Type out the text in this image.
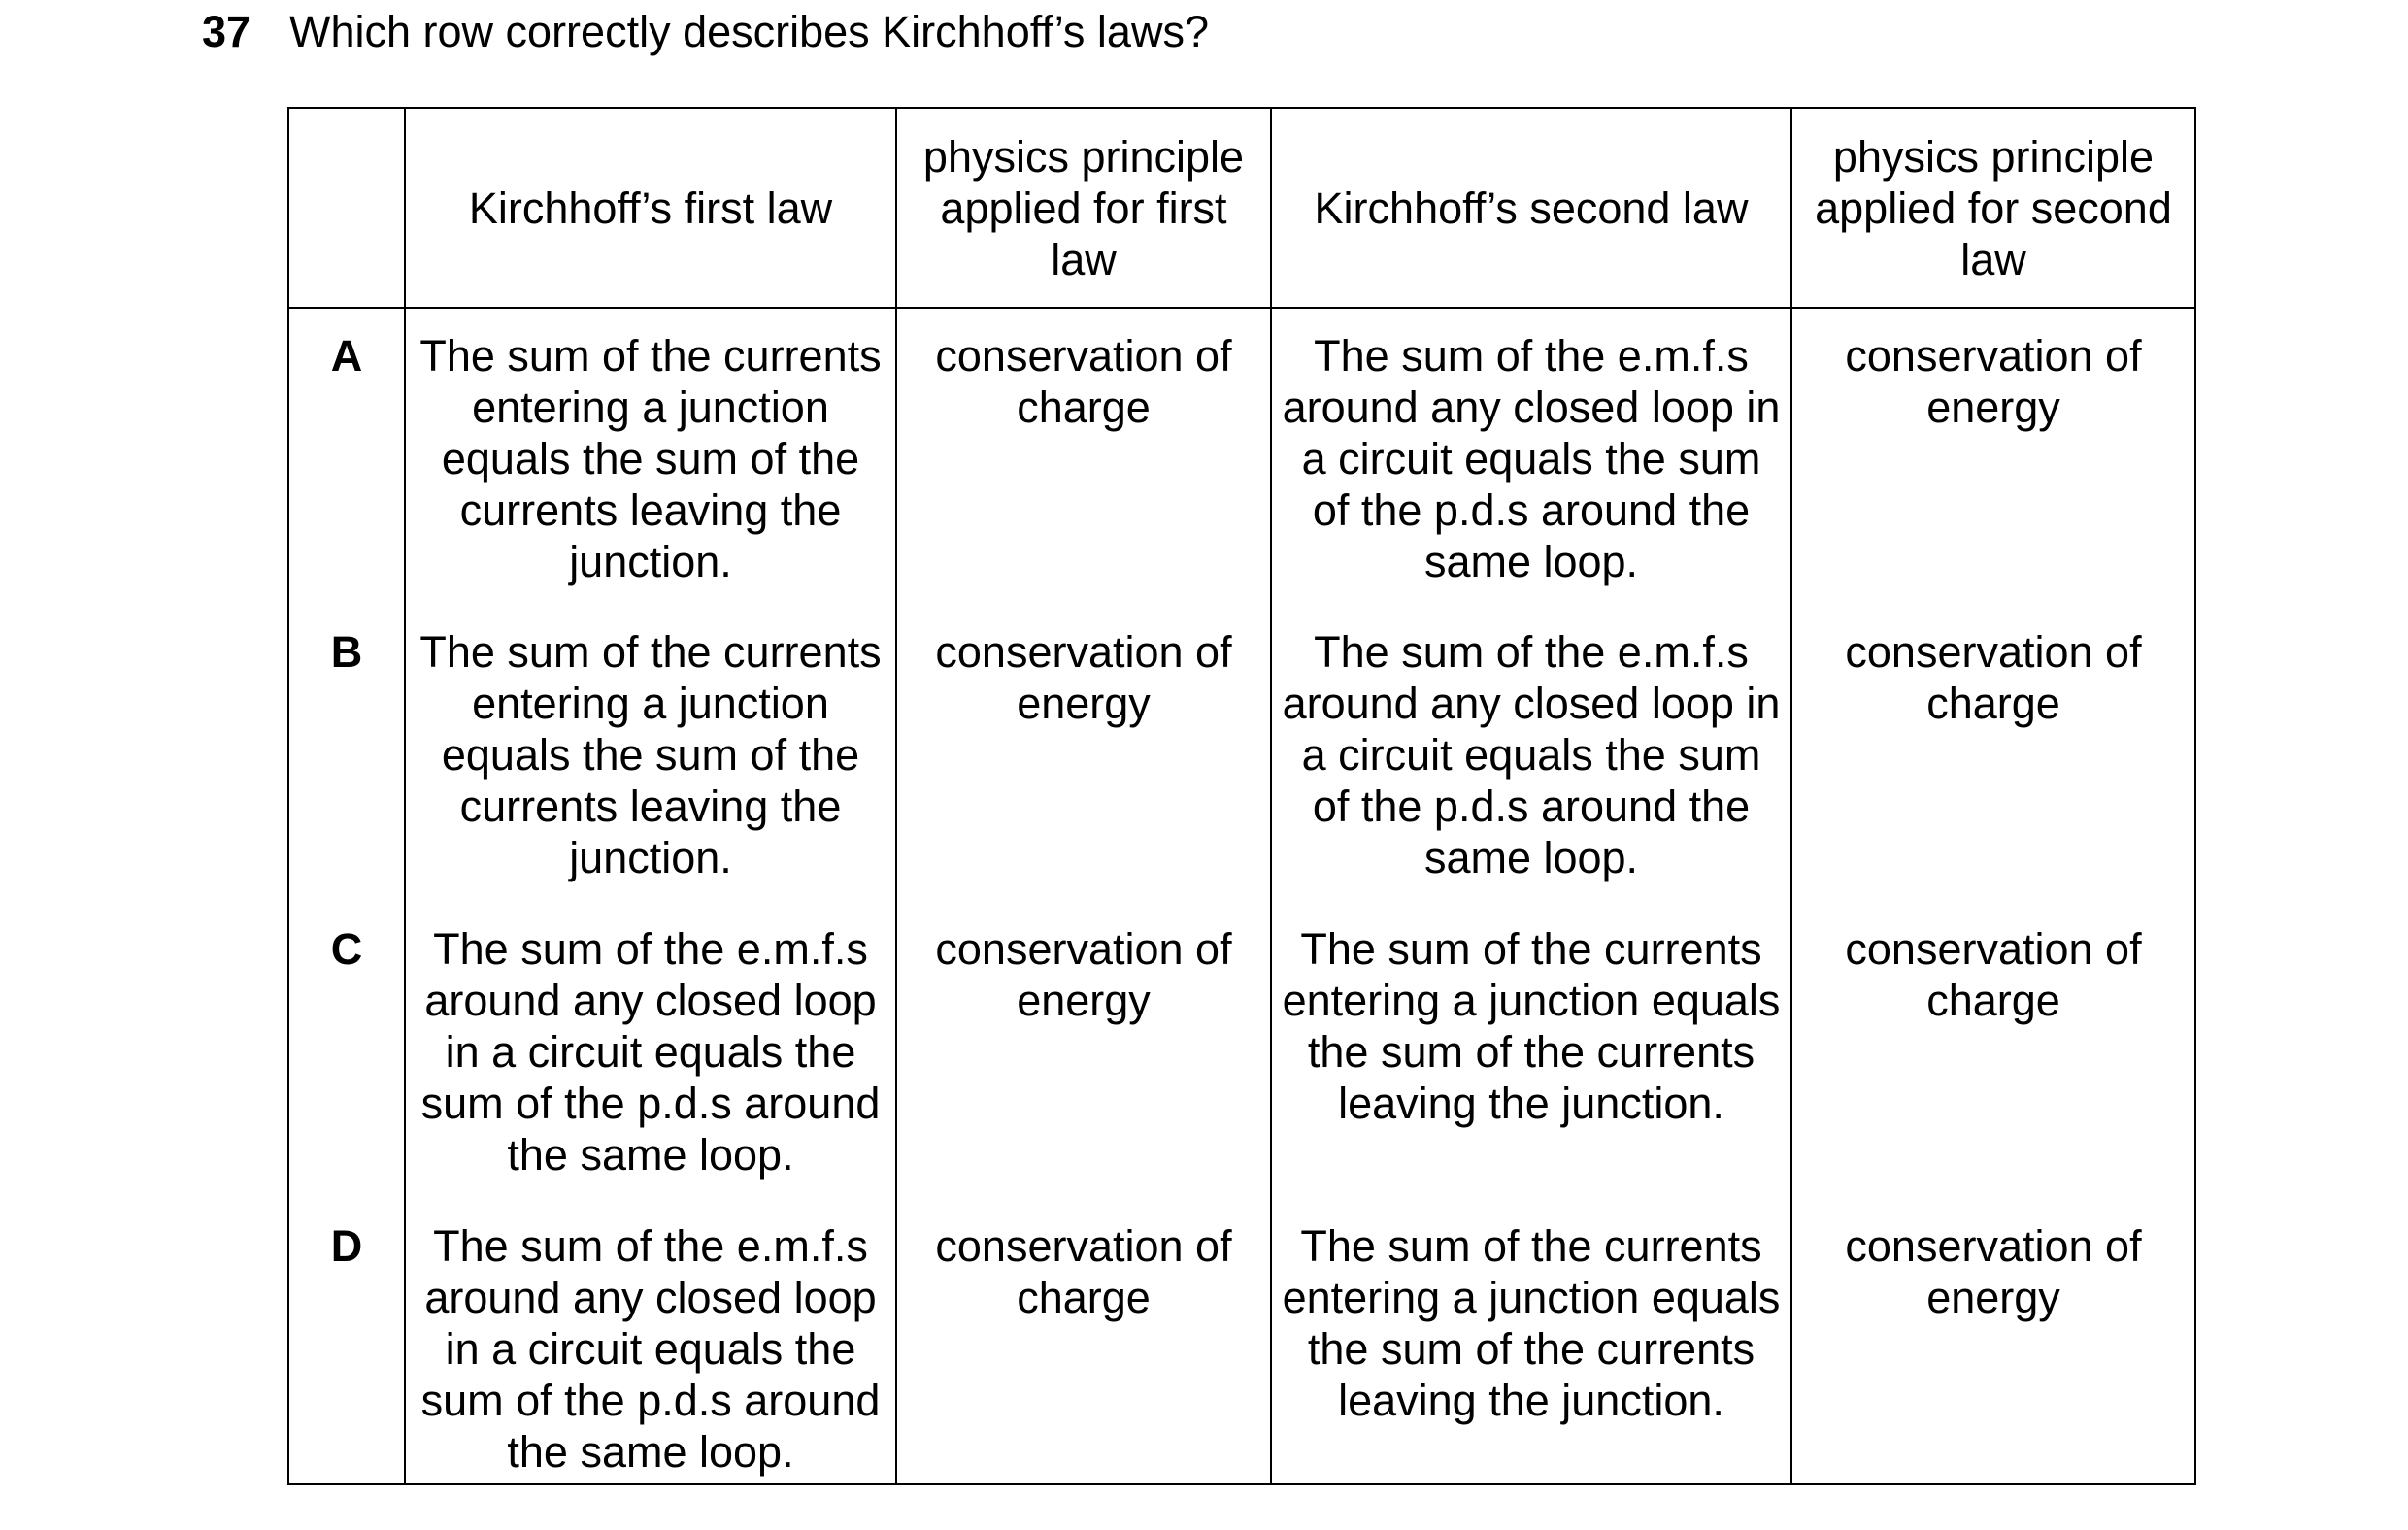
37 Which row correctly describes Kirchhoff’s laws?
	Kirchhoff’s first law	physics principle applied for first law	Kirchhoff’s second law	physics principle applied for second law
A	The sum of the currents entering a junction equals the sum of the currents leaving the junction.	conservation of charge	The sum of the e.m.f.s around any closed loop in a circuit equals the sum of the p.d.s around the same loop.	conservation of energy
B	The sum of the currents entering a junction equals the sum of the currents leaving the junction.	conservation of energy	The sum of the e.m.f.s around any closed loop in a circuit equals the sum of the p.d.s around the same loop.	conservation of charge
C	The sum of the e.m.f.s around any closed loop in a circuit equals the sum of the p.d.s around the same loop.	conservation of energy	The sum of the currents entering a junction equals the sum of the currents leaving the junction.	conservation of charge
D	The sum of the e.m.f.s around any closed loop in a circuit equals the sum of the p.d.s around the same loop.	conservation of charge	The sum of the currents entering a junction equals the sum of the currents leaving the junction.	conservation of energy
